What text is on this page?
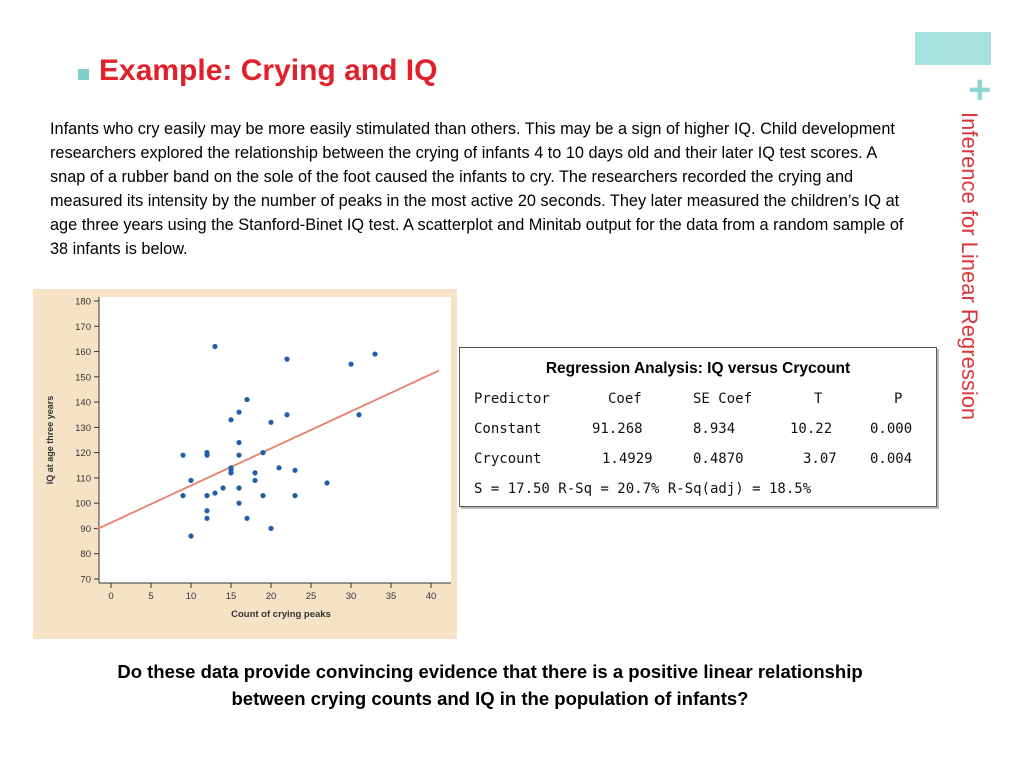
+
Inference for Linear Regression
Example: Crying and IQ
Infants who cry easily may be more easily stimulated than others. This may be a sign of higher IQ. Child development researchers explored the relationship between the crying of infants 4 to 10 days old and their later IQ test scores. A snap of a rubber band on the sole of the foot caused the infants to cry. The researchers recorded the crying and measured its intensity by the number of peaks in the most active 20 seconds. They later measured the children’s IQ at age three years using the Stanford-Binet IQ test. A scatterplot and Minitab output for the data from a random sample of 38 infants is below.
70
80
90
100
110
120
130
140
150
160
170
180
0	5	10	15	20	25	30	35	40
Count of crying peaks
IQ at age three years
Regression Analysis: IQ versus Crycount
Predictor	Coef	SE Coef	T	P
Constant	91.268	8.934	10.22	0.000
Crycount	1.4929	0.4870	3.07 0.004
S = 17.50 R-Sq = 20.7% R-Sq(adj) = 18.5%
Do these data provide convincing evidence that there is a positive linear relationship between crying counts and IQ in the population of infants?
